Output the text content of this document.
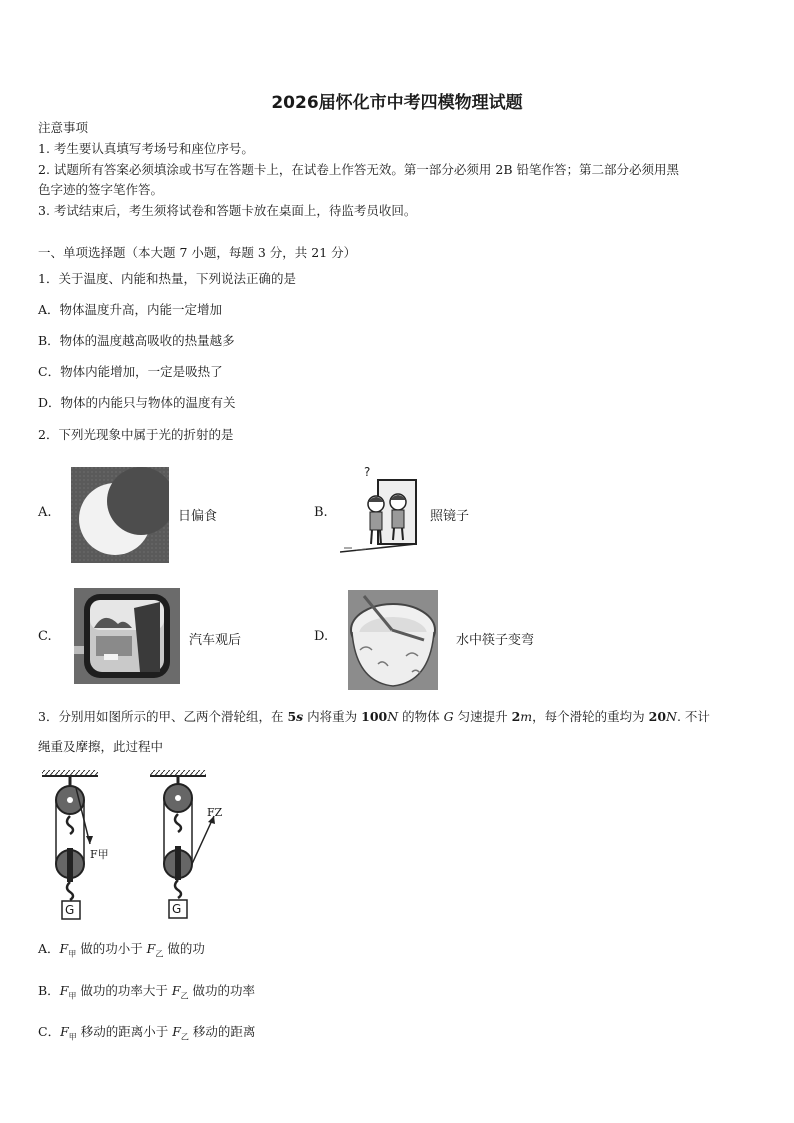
2026届怀化市中考四模物理试题
注意事项
1. 考生要认真填写考场号和座位序号。
2. 试题所有答案必须填涂或书写在答题卡上，在试卷上作答无效。第一部分必须用 2B 铅笔作答；第二部分必须用黑
色字迹的签字笔作答。
3. 考试结束后，考生须将试卷和答题卡放在桌面上，待监考员收回。
一、单项选择题（本大题 7 小题，每题 3 分，共 21 分）
1．关于温度、内能和热量，下列说法正确的是
A．物体温度升高，内能一定增加
B．物体的温度越高吸收的热量越多
C．物体内能增加，一定是吸热了
D．物体的内能只与物体的温度有关
2．下列光现象中属于光的折射的是
A.	日偏食	B.
?
照镜子
C.	汽车观后	D.	水中筷子变弯
3．分别用如图所示的甲、乙两个滑轮组，在 5s 内将重为 100N 的物体 G 匀速提升 2m，每个滑轮的重均为 20N. 不计
绳重及摩擦，此过程中
F甲
FZ
G	G
A．$F_甲$ 做的功小于 $F_乙$ 做的功
B．$F_甲$ 做功的功率大于 $F_乙$ 做功的功率
C．$F_甲$ 移动的距离小于 $F_乙$ 移动的距离
